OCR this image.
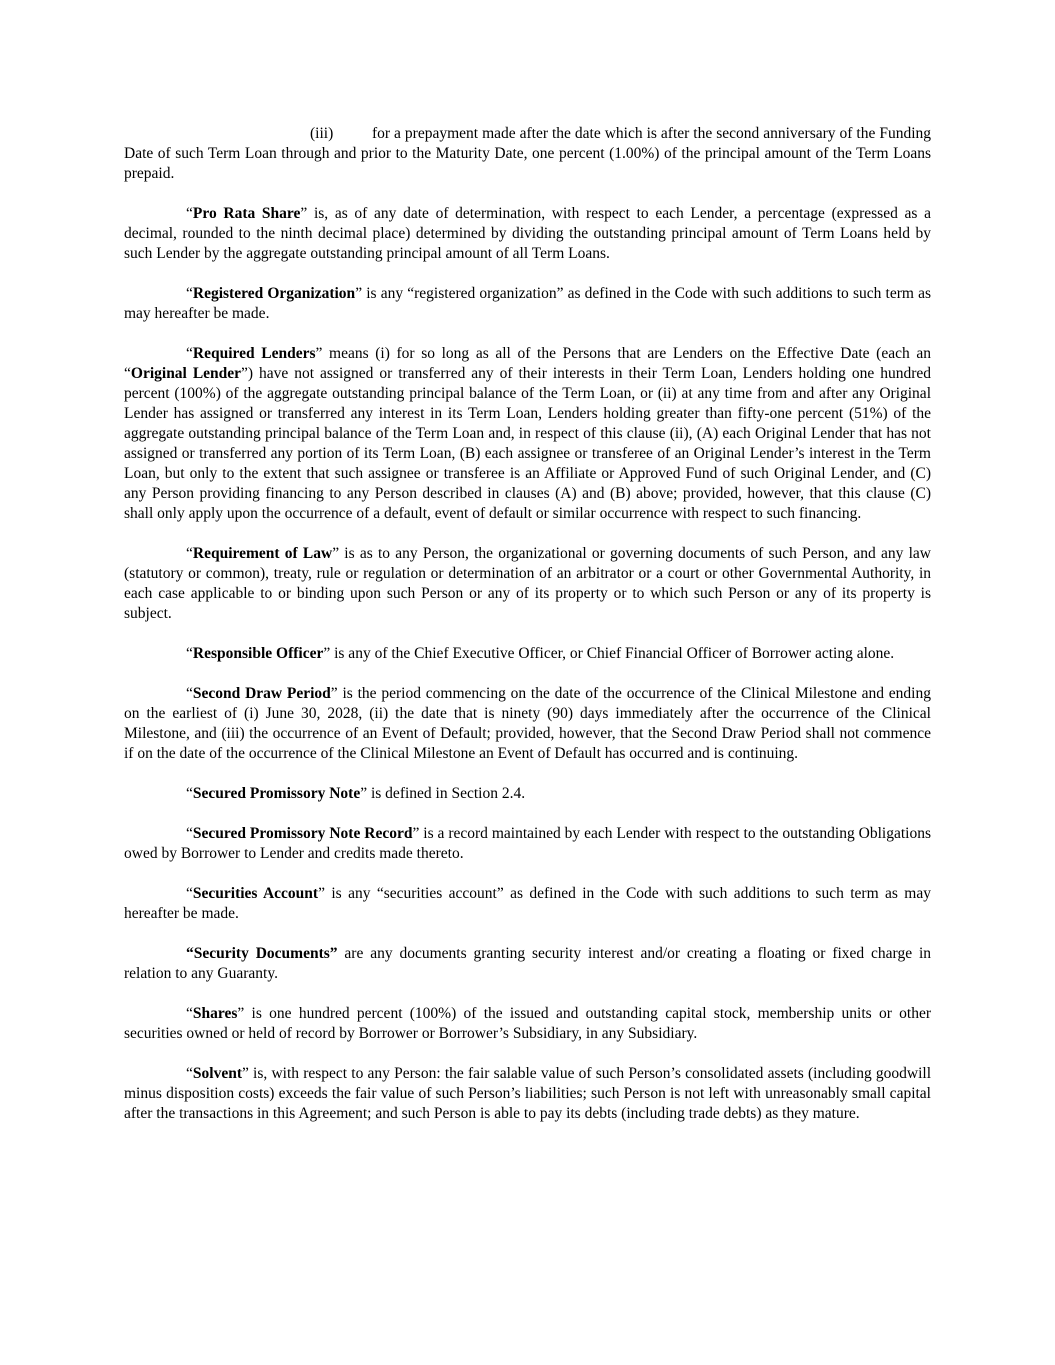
(iii)	for a prepayment made after the date which is after the second anniversary of the Funding Date of such Term Loan through and prior to the Maturity Date, one percent (1.00%) of the principal amount of the Term Loans prepaid.

“Pro Rata Share” is, as of any date of determination, with respect to each Lender, a percentage (expressed as a decimal, rounded to the ninth decimal place) determined by dividing the outstanding principal amount of Term Loans held by such Lender by the aggregate outstanding principal amount of all Term Loans.

“Registered Organization” is any “registered organization” as defined in the Code with such additions to such term as may hereafter be made.

“Required Lenders” means (i) for so long as all of the Persons that are Lenders on the Effective Date (each an “Original Lender”) have not assigned or transferred any of their interests in their Term Loan, Lenders holding one hundred percent (100%) of the aggregate outstanding principal balance of the Term Loan, or (ii) at any time from and after any Original Lender has assigned or transferred any interest in its Term Loan, Lenders holding greater than fifty-one percent (51%) of the aggregate outstanding principal balance of the Term Loan and, in respect of this clause (ii), (A) each Original Lender that has not assigned or transferred any portion of its Term Loan, (B) each assignee or transferee of an Original Lender’s interest in the Term Loan, but only to the extent that such assignee or transferee is an Affiliate or Approved Fund of such Original Lender, and (C) any Person providing financing to any Person described in clauses (A) and (B) above; provided, however, that this clause (C) shall only apply upon the occurrence of a default, event of default or similar occurrence with respect to such financing.

“Requirement of Law” is as to any Person, the organizational or governing documents of such Person, and any law (statutory or common), treaty, rule or regulation or determination of an arbitrator or a court or other Governmental Authority, in each case applicable to or binding upon such Person or any of its property or to which such Person or any of its property is subject.

“Responsible Officer” is any of the Chief Executive Officer, or Chief Financial Officer of Borrower acting alone.

“Second Draw Period” is the period commencing on the date of the occurrence of the Clinical Milestone and ending on the earliest of (i) June 30, 2028, (ii) the date that is ninety (90) days immediately after the occurrence of the Clinical Milestone, and (iii) the occurrence of an Event of Default; provided, however, that the Second Draw Period shall not commence if on the date of the occurrence of the Clinical Milestone an Event of Default has occurred and is continuing.

“Secured Promissory Note” is defined in Section 2.4.

“Secured Promissory Note Record” is a record maintained by each Lender with respect to the outstanding Obligations owed by Borrower to Lender and credits made thereto.

“Securities Account” is any “securities account” as defined in the Code with such additions to such term as may hereafter be made.

“Security Documents” are any documents granting security interest and/or creating a floating or fixed charge in relation to any Guaranty.

“Shares” is one hundred percent (100%) of the issued and outstanding capital stock, membership units or other securities owned or held of record by Borrower or Borrower’s Subsidiary, in any Subsidiary.

“Solvent” is, with respect to any Person: the fair salable value of such Person’s consolidated assets (including goodwill minus disposition costs) exceeds the fair value of such Person’s liabilities; such Person is not left with unreasonably small capital after the transactions in this Agreement; and such Person is able to pay its debts (including trade debts) as they mature.
